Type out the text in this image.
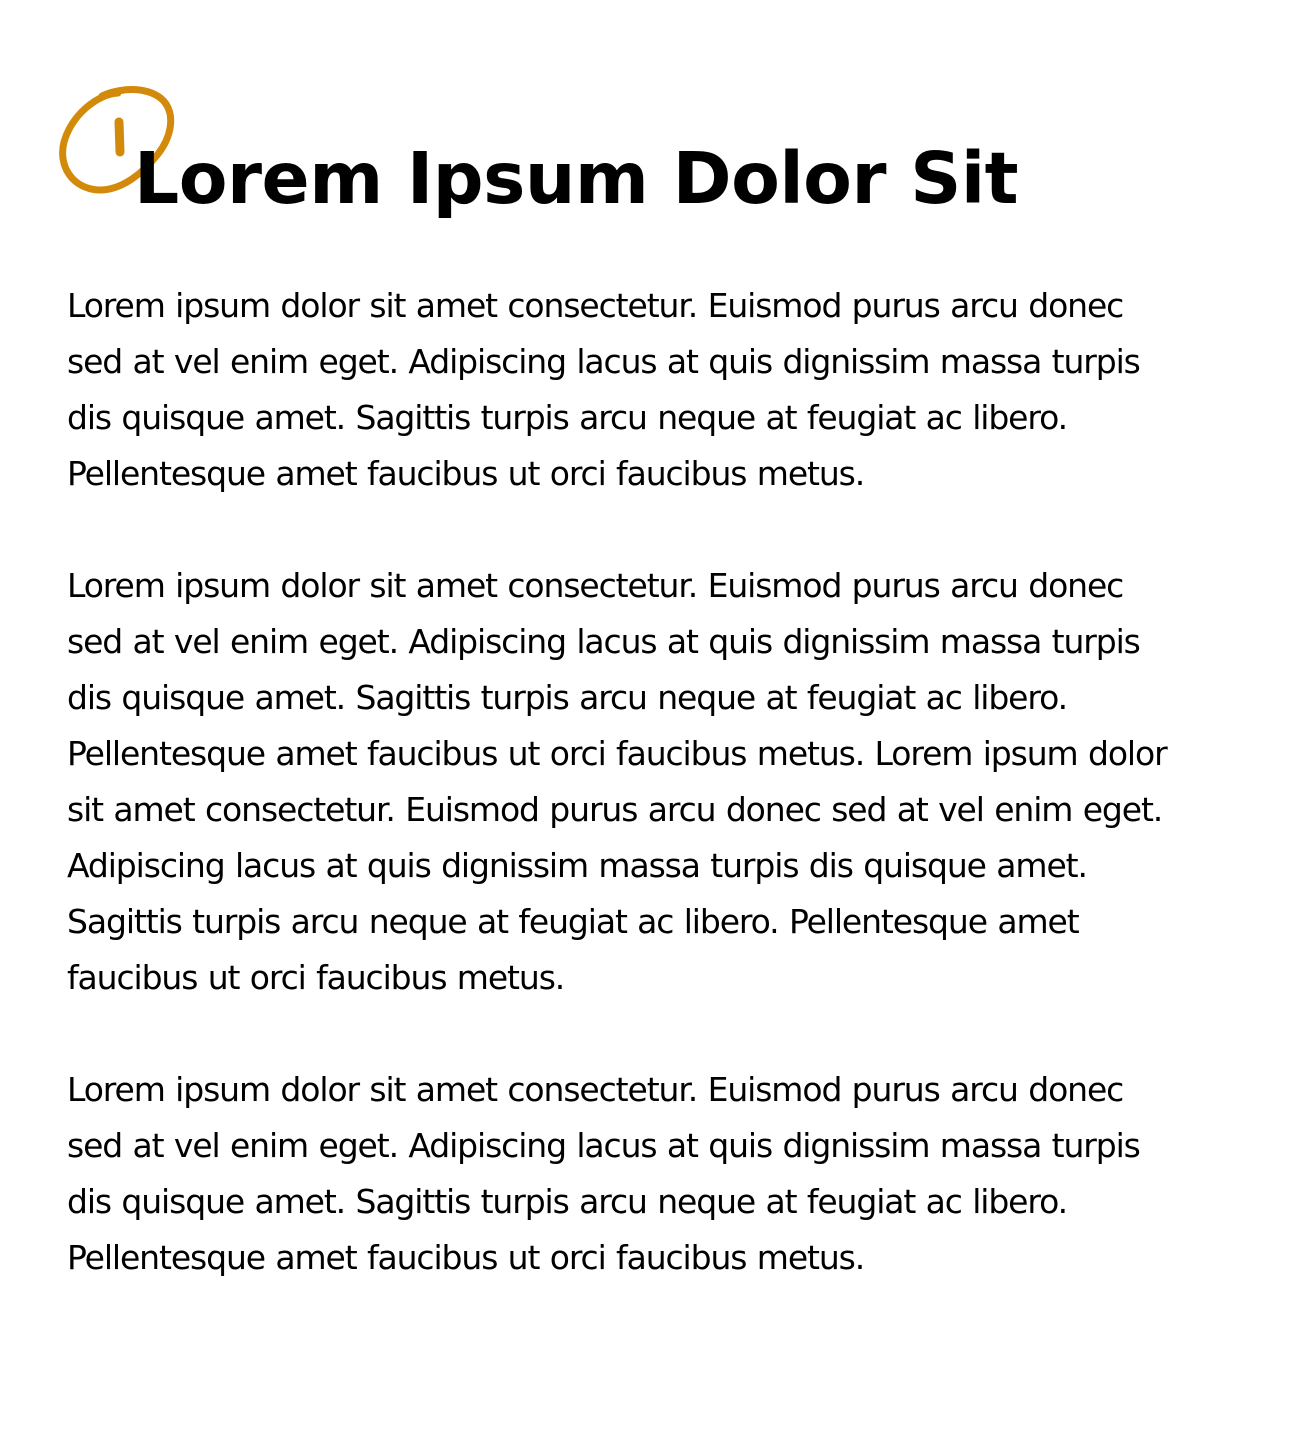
Lorem Ipsum Dolor Sit

Lorem ipsum dolor sit amet consectetur. Euismod purus arcu donec sed at vel enim eget. Adipiscing lacus at quis dignissim massa turpis dis quisque amet. Sagittis turpis arcu neque at feugiat ac libero. Pellentesque amet faucibus ut orci faucibus metus.

Lorem ipsum dolor sit amet consectetur. Euismod purus arcu donec sed at vel enim eget. Adipiscing lacus at quis dignissim massa turpis dis quisque amet. Sagittis turpis arcu neque at feugiat ac libero. Pellentesque amet faucibus ut orci faucibus metus. Lorem ipsum dolor sit amet consectetur. Euismod purus arcu donec sed at vel enim eget. Adipiscing lacus at quis dignissim massa turpis dis quisque amet. Sagittis turpis arcu neque at feugiat ac libero. Pellentesque amet faucibus ut orci faucibus metus.

Lorem ipsum dolor sit amet consectetur. Euismod purus arcu donec sed at vel enim eget. Adipiscing lacus at quis dignissim massa turpis dis quisque amet. Sagittis turpis arcu neque at feugiat ac libero. Pellentesque amet faucibus ut orci faucibus metus.
